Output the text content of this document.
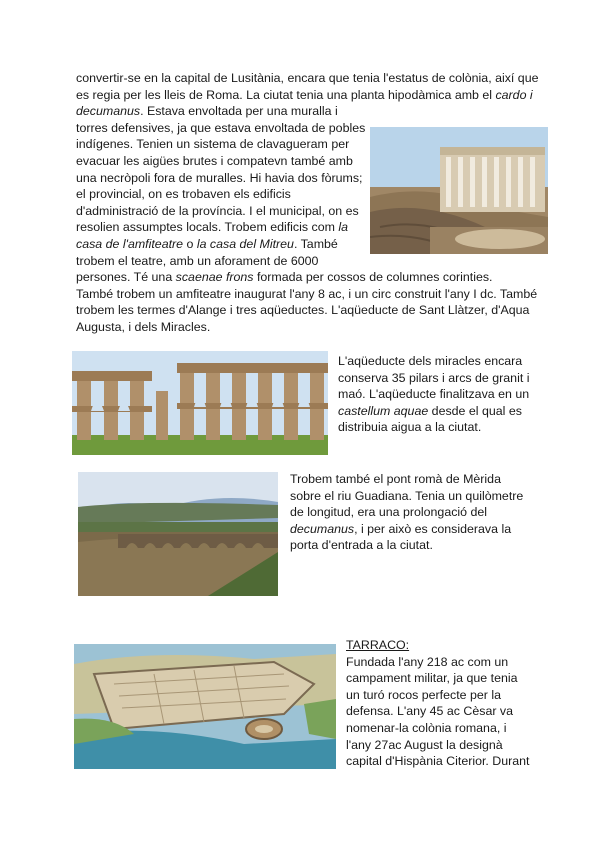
convertir-se en la capital de Lusitània, encara que tenia l'estatus de colònia, així que
es regia per les lleis de Roma. La ciutat tenia una planta hipodàmica amb el cardo i
decumanus. Estava envoltada per una muralla i
torres defensives, ja que estava envoltada de pobles
indígenes. Tenien un sistema de clavagueram per
evacuar les aigües brutes i compatevn també amb
una necròpoli fora de muralles. Hi havia dos fòrums;
el provincial, on es trobaven els edificis
d'administració de la província. I el municipal, on es
resolien assumptes locals. Trobem edificis com la
casa de l'amfiteatre o la casa del Mitreu. També
trobem el teatre, amb un aforament de 6000
persones. Té una scaenae frons formada per cossos de columnes corinties.
També trobem un amfiteatre inaugurat l'any 8 ac, i un circ construit l'any I dc. També
trobem les termes d'Alange i tres aqüeductes. L'aqüeducte de Sant Llàtzer, d'Aqua
Augusta, i dels Miracles.
L'aqüeducte dels miracles encara
conserva 35 pilars i arcs de granit i
maó. L'aqüeducte finalitzava en un
castellum aquae desde el qual es
distribuia aigua a la ciutat.
Trobem també el pont romà de Mèrida
sobre el riu Guadiana. Tenia un quilòmetre
de longitud, era una prolongació del
decumanus, i per això es considerava la
porta d'entrada a la ciutat.
TARRACO:
Fundada l'any 218 ac com un
campament militar, ja que tenia
un turó rocos perfecte per la
defensa. L'any 45 ac Cèsar va
nomenar-la colònia romana, i
l'any 27ac August la designà
capital d'Hispània Citerior. Durant
